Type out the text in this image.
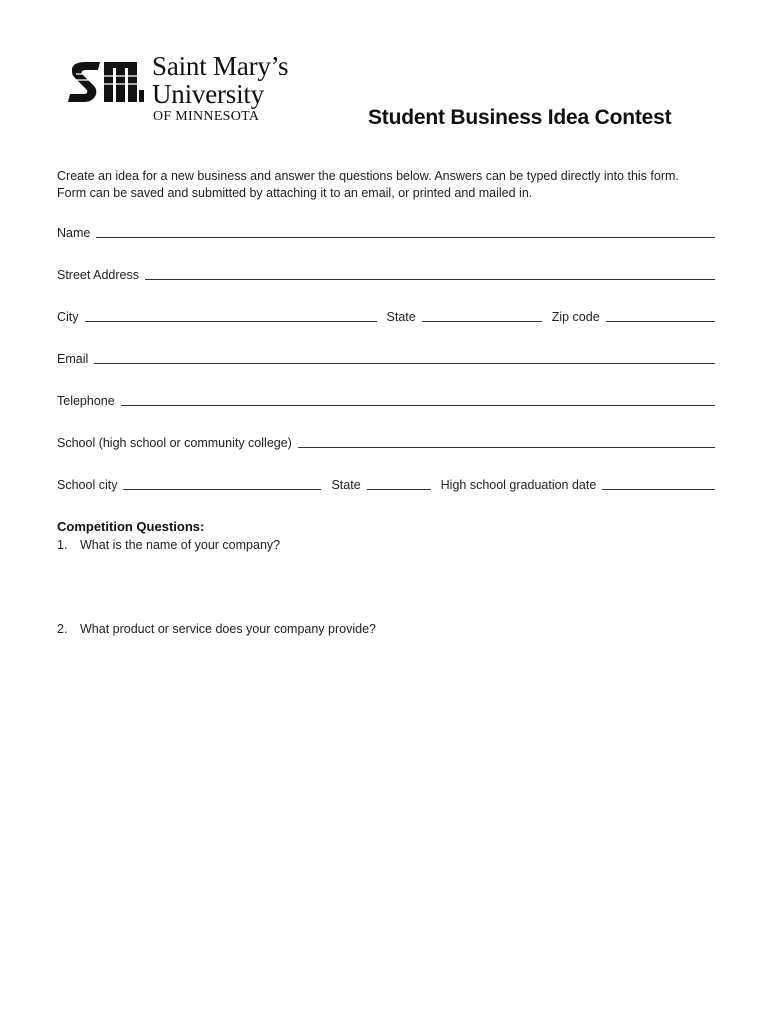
Saint Mary’s
University
OF MINNESOTA	Student Business Idea Contest
Create an idea for a new business and answer the questions below. Answers can be typed directly into this form.
Form can be saved and submitted by attaching it to an email, or printed and mailed in.
Name
Street Address
City	State	Zip code
Email
Telephone
School (high school or community college)
School city	State	High school graduation date
Competition Questions:
1.	What is the name of your company?
2.	What product or service does your company provide?
